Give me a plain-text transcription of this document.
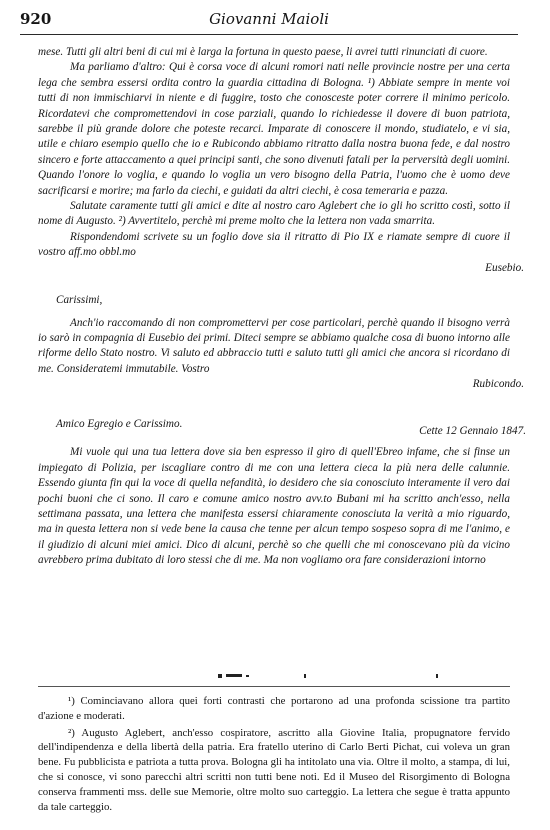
920	Giovanni Maioli

mese. Tutti gli altri beni di cui mi è larga la fortuna in questo paese, li avrei tutti rinunciati di cuore.

Ma parliamo d'altro: Qui è corsa voce di alcuni romori nati nelle provincie nostre per una certa lega che sembra essersi ordita contro la guardia cittadina di Bologna. ¹) Abbiate sempre in mente voi tutti di non immischiarvi in niente e di fuggire, tosto che conosceste poter correre il minimo pericolo. Ricordatevi che compromettendovi in cose parziali, quando lo richiedesse il dovere di buon patriota, sarebbe il più grande dolore che poteste recarci. Imparate di conoscere il mondo, studiatelo, e vi sia, utile e chiaro esempio quello che io e Rubicondo abbiamo ritratto dalla nostra buona fede, e dal nostro sincero e forte attaccamento a quei principi santi, che sono divenuti fatali per la perversità degli uomini. Quando l'onore lo voglia, e quando lo voglia un vero bisogno della Patria, l'uomo che è uomo deve sacrificarsi e morire; ma farlo da ciechi, e guidati da altri ciechi, è cosa temeraria e pazza.

Salutate caramente tutti gli amici e dite al nostro caro Aglebert che io gli ho scritto costì, sotto il nome di Augusto. ²) Avvertitelo, perchè mi preme molto che la lettera non vada smarrita.

Rispondendomi scrivete su un foglio dove sia il ritratto di Pio IX e riamate sempre di cuore il vostro aff.mo obbl.mo

Eusebio.

Carissimi,

Anch'io raccomando di non compromettervi per cose particolari, perchè quando il bisogno verrà io sarò in compagnia di Eusebio dei primi. Diteci sempre se abbiamo qualche cosa di buono intorno alle riforme dello Stato nostro. Vi saluto ed abbraccio tutti e saluto tutti gli amici che ancora si ricordano di me. Consideratemi immutabile. Vostro

Rubicondo.

Amico Egregio e Carissimo.

Cette 12 Gennaio 1847.

Mi vuole qui una tua lettera dove sia ben espresso il giro di quell'Ebreo infame, che si finse un impiegato di Polizia, per iscagliare contro di me con una lettera cieca la più nera delle calunnie. Essendo giunta fin qui la voce di quella nefandità, io desidero che sia conosciuto interamente il vero dai pochi buoni che ci sono. Il caro e comune amico nostro avv.to Bubani mi ha scritto anch'esso, nella settimana passata, una lettera che manifesta essersi chiaramente conosciuta la verità a mio riguardo, ma in questa lettera non si vede bene la causa che tenne per alcun tempo sospeso sopra di me l'animo, e il giudizio di alcuni miei amici. Dico di alcuni, perchè so che quelli che mi conoscevano più da vicino avrebbero prima dubitato di loro stessi che di me. Ma non vogliamo ora fare considerazioni intorno

¹) Cominciavano allora quei forti contrasti che portarono ad una profonda scissione tra partito d'azione e moderati.

²) Augusto Aglebert, anch'esso cospiratore, ascritto alla Giovine Italia, propugnatore fervido dell'indipendenza e della libertà della patria. Era fratello uterino di Carlo Berti Pichat, cui voleva un gran bene. Fu pubblicista e patriota a tutta prova. Bologna gli ha intitolato una via. Oltre il molto, a stampa, di lui, che si conosce, vi sono parecchi altri scritti non tutti bene noti. Ed il Museo del Risorgimento di Bologna conserva frammenti mss. delle sue Memorie, oltre molto suo carteggio. La lettera che segue è tratta appunto da tale carteggio.
